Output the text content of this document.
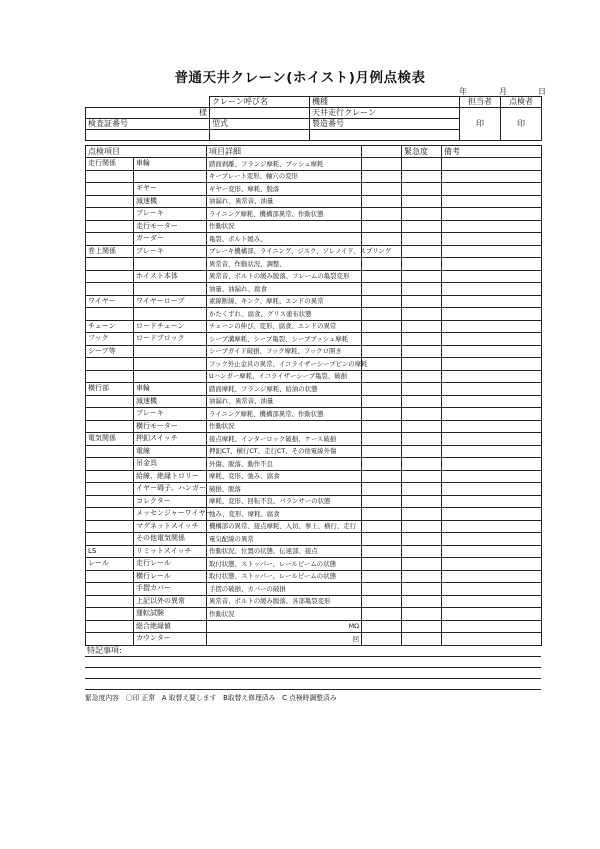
普通天井クレーン(ホイスト)月例点検表
年	月	日
	クレーン呼び名	機種
様		天井走行クレーン
検査証番号	型式	製造番号

担当者	点検者
印	印
点検項目		項目詳細		緊急度	備考
走行関係	車輪	踏面剥離、フランジ摩耗、ブッシュ摩耗			
		キープレート変形、軸穴の変形			
	ギヤー	ギヤー変形、摩耗、脱落			
	減速機	油漏れ、異常音、油量			
	ブレーキ	ライニング摩耗、機構部異常、作動状態			
	走行モーター	作動状況			
	ガーダー	亀裂、ボルト緩み、			
巻上関係	ブレーキ	ブレーキ機構部、ライニング、ジスク、ソレノイド、スプリング			
		異常音、作動状況、調整、			
	ホイスト本体	異常音、ボルトの緩み脱落、フレームの亀裂変形			
		油量、油漏れ、腐食			
ワイヤー	ワイヤーロープ	素線断線、キンク、摩耗、エンドの異常			
		かたくずれ、腐食、グリス塗布状態			
チェーン	ロードチェーン	チェーンの伸び、変形、腐食、エンドの異常			
フック	ロードブロック	シーブ溝摩耗、シーブ亀裂、シーブブッシュ摩耗			
シーブ等		シーブガイド破損、フック摩耗、フックロ開き			
		フック外止金具の異常、イコライザーシーブピンの摩耗			
		Uハンガー摩耗、イコライザーシーブ亀裂、破損			
横行部	車輪	踏面摩耗、フランジ摩耗、給油の状態			
	減速機	油漏れ、異常音、油量			
	ブレーキ	ライニング摩耗、機構部異常、作動状態			
	横行モーター	作動状況			
電気関係	押釦スイッチ	接点摩耗、インターロック破損、ケース破損			
	電線	押釦CT、横行CT、走行CT、その他電線外傷			
	吊金具	外傷、脱落、動作不良			
	給線、絶縁トロリー	摩耗、変形、弛み、腐食			
	イヤー碍子、ハンガー	破損、脱落			
	コレクター	摩耗、変形、回転不良、バランサーの状態			
	メッセンジャーワイヤー	弛み、変形、摩耗、腐食			
	マグネットスイッチ	機構部の異常、接点摩耗、入切、拳上、横行、走行			
	その他電気関係	電気配線の異常			
LS	リミットスイッチ	作動状況、位置の状態、伝達部、接点			
レール	走行レール	取付状態、ストッパー、レールピームの状態			
	横行レール	取付状態、ストッパー、レールビームの状態			
	手摺カバー	手摺の破損、カバーの破損			
	上記以外の異常	異常音、ボルトの緩み脱落、各部亀裂変形			
	運転試験	作動状況			
	総合絶縁値	MΩ			
	カウンター	回			
特記事項:

緊急度内容　〇印 正常　A 取替え要します　B取替え修理済み　C 点検時調整済み
